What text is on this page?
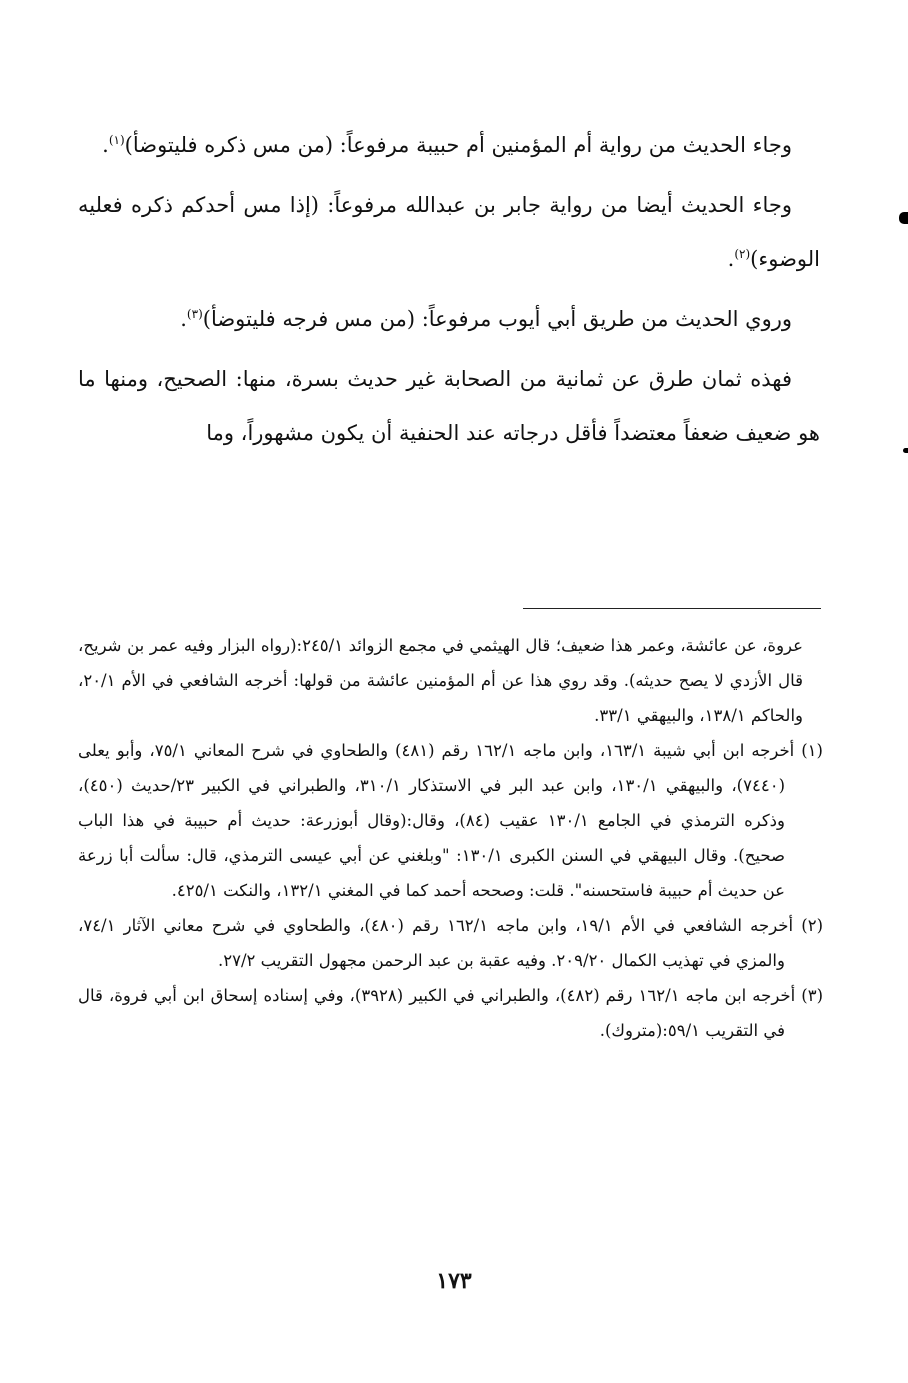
وجاء الحديث من رواية أم المؤمنين أم حبيبة مرفوعاً: (من مس ذكره فليتوضأ)$^{(١)}$.

وجاء الحديث أيضا من رواية جابر بن عبدالله مرفوعاً: (إذا مس أحدكم ذكره فعليه الوضوء)$^{(٢)}$.

وروي الحديث من طريق أبي أيوب مرفوعاً: (من مس فرجه فليتوضأ)$^{(٣)}$.

فهذه ثمان طرق عن ثمانية من الصحابة غير حديث بسرة، منها: الصحيح، ومنها ما هو ضعيف ضعفاً معتضداً فأقل درجاته عند الحنفية أن يكون مشهوراً، وما

عروة، عن عائشة، وعمر هذا ضعيف؛ قال الهيثمي في مجمع الزوائد ٢٤٥/١:(رواه البزار وفيه عمر بن شريح، قال الأزدي لا يصح حديثه). وقد روي هذا عن أم المؤمنين عائشة من قولها: أخرجه الشافعي في الأم ٢٠/١، والحاكم ١٣٨/١، والبيهقي ٣٣/١.

(١) أخرجه ابن أبي شيبة ١٦٣/١، وابن ماجه ١٦٢/١ رقم (٤٨١) والطحاوي في شرح المعاني ٧٥/١، وأبو يعلى (٧٤٤٠)، والبيهقي ١٣٠/١، وابن عبد البر في الاستذكار ٣١٠/١، والطبراني في الكبير ٢٣/حديث (٤٥٠)، وذكره الترمذي في الجامع ١٣٠/١ عقيب (٨٤)، وقال:(وقال أبوزرعة: حديث أم حبيبة في هذا الباب صحيح). وقال البيهقي في السنن الكبرى ١٣٠/١: "وبلغني عن أبي عيسى الترمذي، قال: سألت أبا زرعة عن حديث أم حبيبة فاستحسنه". قلت: وصححه أحمد كما في المغني ١٣٢/١، والنكت ٤٢٥/١.

(٢) أخرجه الشافعي في الأم ١٩/١، وابن ماجه ١٦٢/١ رقم (٤٨٠)، والطحاوي في شرح معاني الآثار ٧٤/١، والمزي في تهذيب الكمال ٢٠٩/٢٠. وفيه عقبة بن عبد الرحمن مجهول التقريب ٢٧/٢.

(٣) أخرجه ابن ماجه ١٦٢/١ رقم (٤٨٢)، والطبراني في الكبير (٣٩٢٨)، وفي إسناده إسحاق ابن أبي فروة، قال في التقريب ٥٩/١:(متروك).

١٧٣
